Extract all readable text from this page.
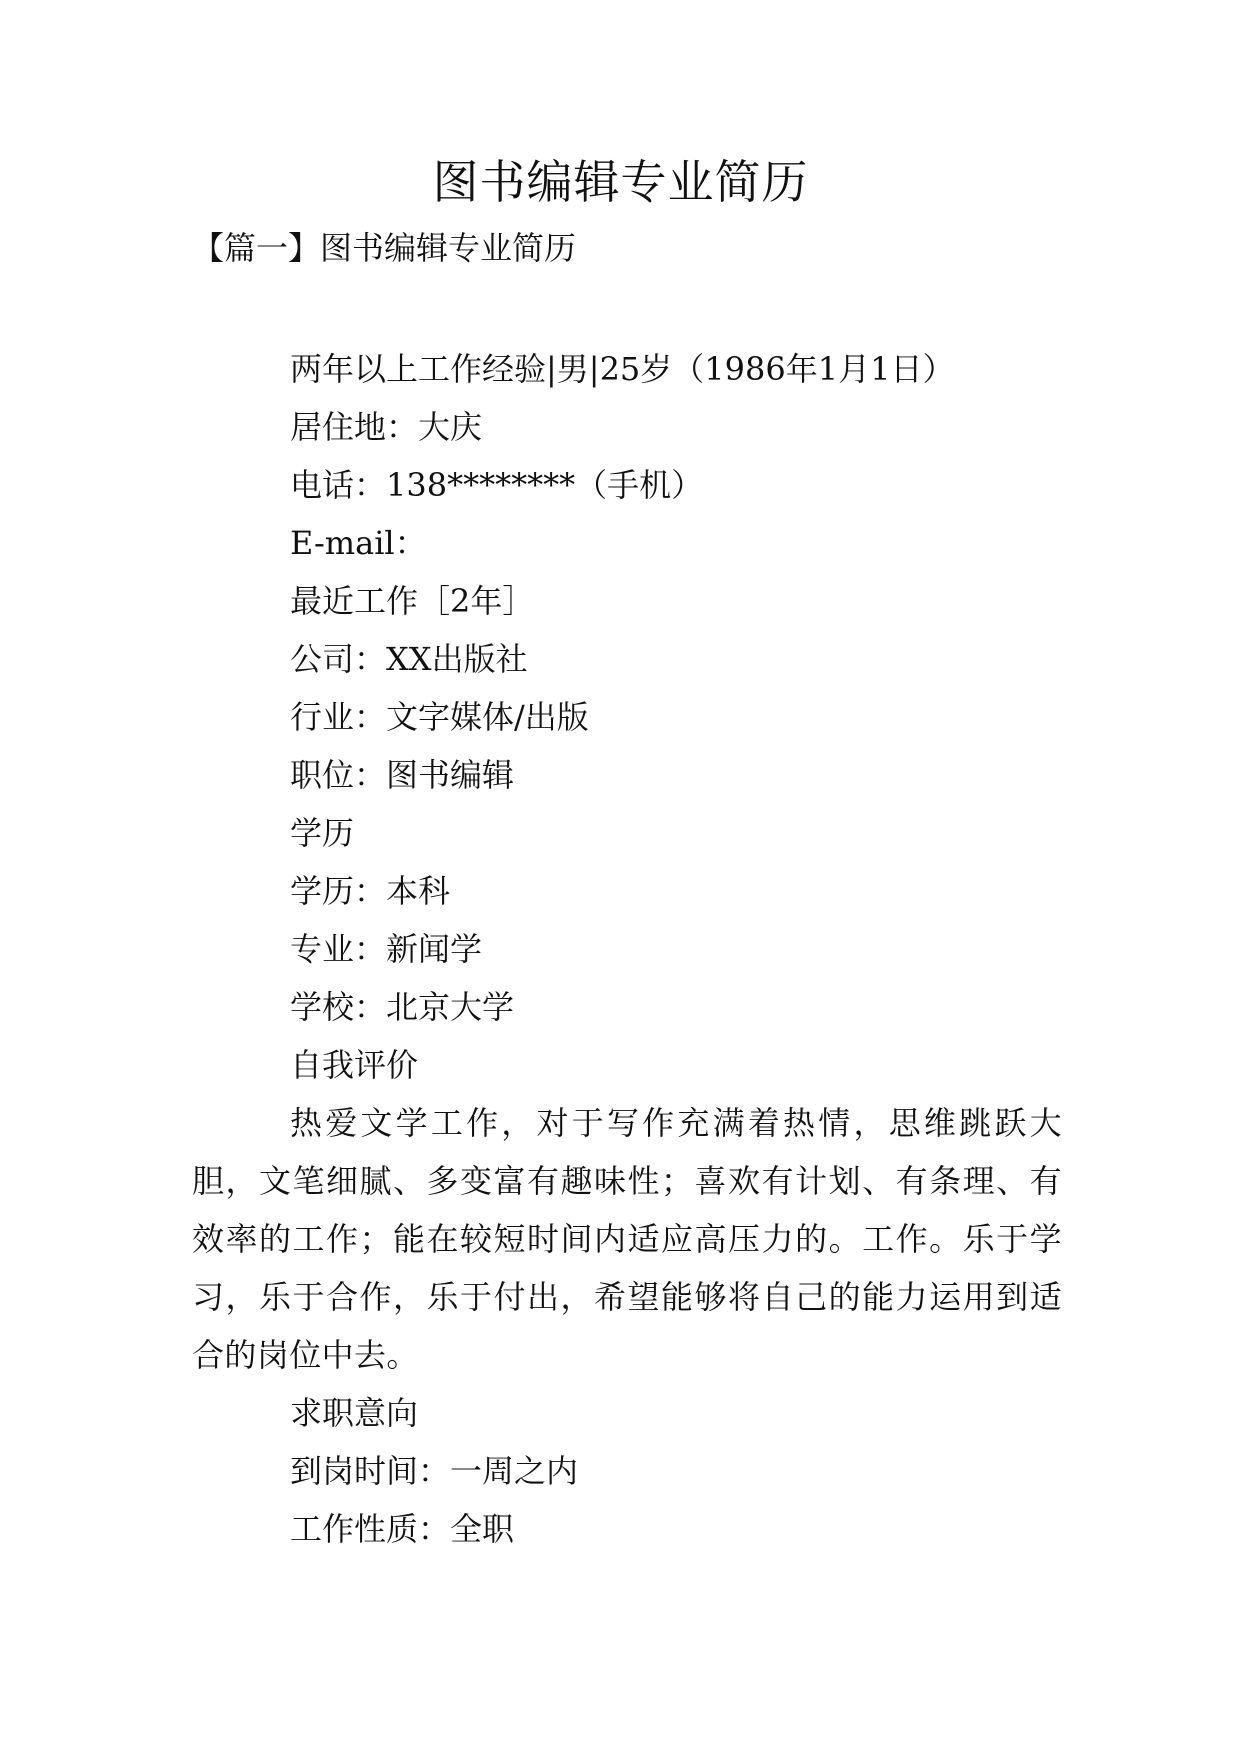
图书编辑专业简历
【篇一】图书编辑专业简历

两年以上工作经验|男|25岁（1986年1月1日）

居住地：大庆

电话：138********（手机）

E-mail：

最近工作［2年］

公司：XX出版社

行业：文字媒体/出版

职位：图书编辑

学历

学历：本科

专业：新闻学

学校：北京大学

自我评价

热爱文学工作，对于写作充满着热情，思维跳跃大胆，文笔细腻、多变富有趣味性；喜欢有计划、有条理、有效率的工作；能在较短时间内适应高压力的。工作。乐于学习，乐于合作，乐于付出，希望能够将自己的能力运用到适合的岗位中去。

求职意向

到岗时间：一周之内

工作性质：全职
